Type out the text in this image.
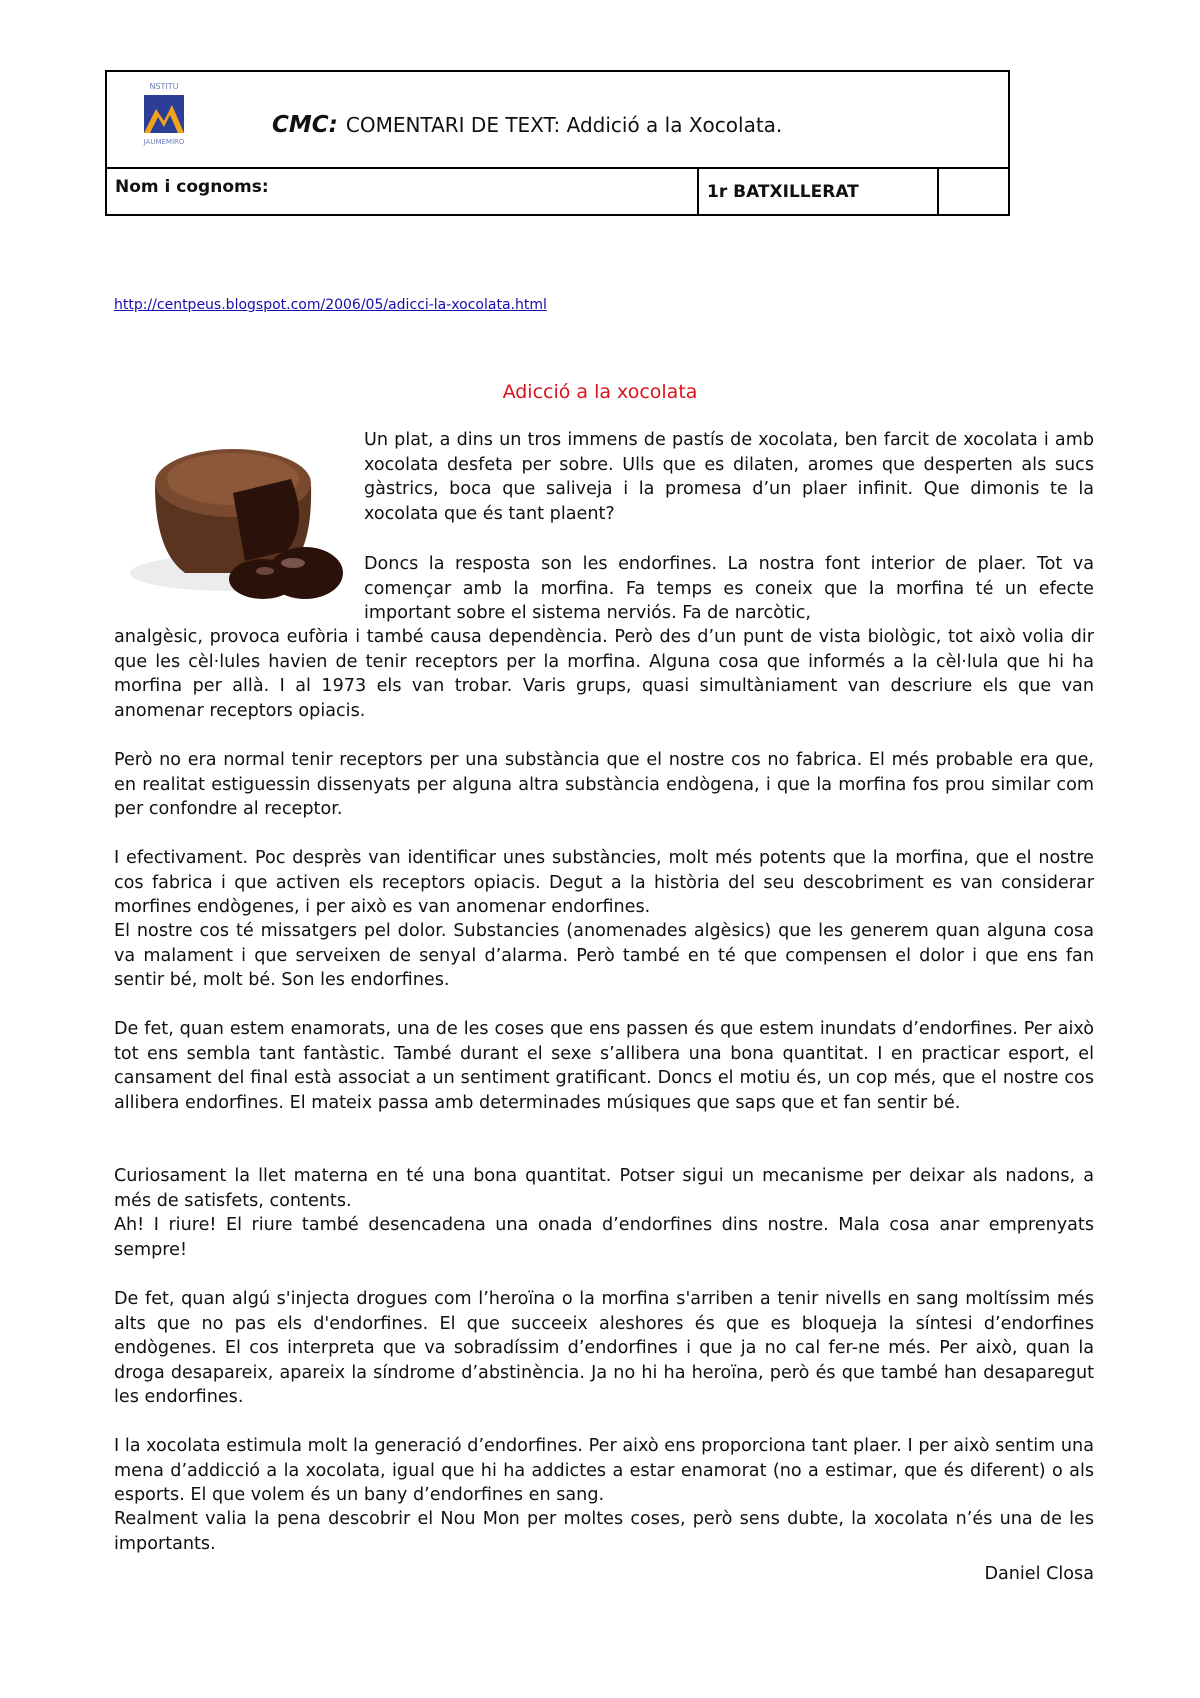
NSTITU
JAUMEMIRO
CMC: COMENTARI DE TEXT: Addició a la Xocolata.
Nom i cognoms:	1r BATXILLERAT
http://centpeus.blogspot.com/2006/05/adicci-la-xocolata.html
Adicció a la xocolata

Un plat, a dins un tros immens de pastís de xocolata, ben farcit de xocolata i amb xocolata desfeta per sobre. Ulls que es dilaten, aromes que desperten als sucs gàstrics, boca que saliveja i la promesa d’un plaer infinit. Que dimonis te la xocolata que és tant plaent?

Doncs la resposta son les endorfines. La nostra font interior de plaer. Tot va començar amb la morfina. Fa temps es coneix que la morfina té un efecte important sobre el sistema nerviós. Fa de narcòtic,

analgèsic, provoca eufòria i també causa dependència. Però des d’un punt de vista biològic, tot això volia dir que les cèl·lules havien de tenir receptors per la morfina. Alguna cosa que informés a la cèl·lula que hi ha morfina per allà. I al 1973 els van trobar. Varis grups, quasi simultàniament van descriure els que van anomenar receptors opiacis.

Però no era normal tenir receptors per una substància que el nostre cos no fabrica. El més probable era que, en realitat estiguessin dissenyats per alguna altra substància endògena, i que la morfina fos prou similar com per confondre al receptor.

I efectivament. Poc desprès van identificar unes substàncies, molt més potents que la morfina, que el nostre cos fabrica i que activen els receptors opiacis. Degut a la història del seu descobriment es van considerar morfines endògenes, i per això es van anomenar endorfines.

El nostre cos té missatgers pel dolor. Substancies (anomenades algèsics) que les generem quan alguna cosa va malament i que serveixen de senyal d’alarma. Però també en té que compensen el dolor i que ens fan sentir bé, molt bé. Son les endorfines.

De fet, quan estem enamorats, una de les coses que ens passen és que estem inundats d’endorfines. Per això tot ens sembla tant fantàstic. També durant el sexe s’allibera una bona quantitat. I en practicar esport, el cansament del final està associat a un sentiment gratificant. Doncs el motiu és, un cop més, que el nostre cos allibera endorfines. El mateix passa amb determinades músiques que saps que et fan sentir bé.

Curiosament la llet materna en té una bona quantitat. Potser sigui un mecanisme per deixar als nadons, a més de satisfets, contents.

Ah! I riure! El riure també desencadena una onada d’endorfines dins nostre. Mala cosa anar emprenyats sempre!

De fet, quan algú s'injecta drogues com l’heroïna o la morfina s'arriben a tenir nivells en sang moltíssim més alts que no pas els d'endorfines. El que succeeix aleshores és que es bloqueja la síntesi d’endorfines endògenes. El cos interpreta que va sobradíssim d’endorfines i que ja no cal fer-ne més. Per això, quan la droga desapareix, apareix la síndrome d’abstinència. Ja no hi ha heroïna, però és que també han desaparegut les endorfines.

I la xocolata estimula molt la generació d’endorfines. Per això ens proporciona tant plaer. I per això sentim una mena d’addicció a la xocolata, igual que hi ha addictes a estar enamorat (no a estimar, que és diferent) o als esports. El que volem és un bany d’endorfines en sang.

Realment valia la pena descobrir el Nou Mon per moltes coses, però sens dubte, la xocolata n’és una de les importants.

Daniel Closa
